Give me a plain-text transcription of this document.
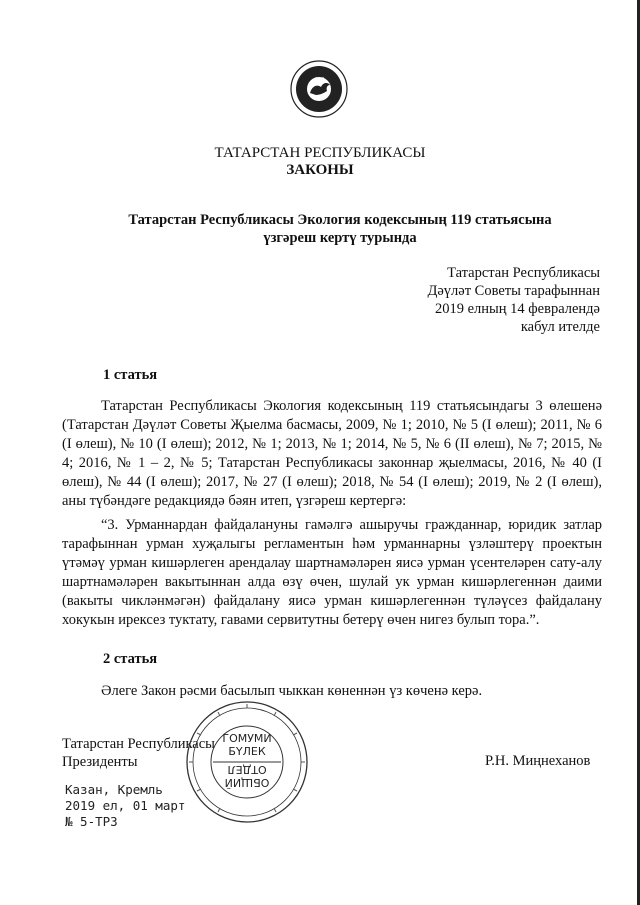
ТАТАРСТАН РЕСПУБЛИКАСЫ
ЗАКОНЫ
Татарстан Республикасы Экология кодексының 119 статьясына
үзгәреш кертү турында
Татарстан Республикасы
Дәүләт Советы тарафыннан
2019 елның 14 февралендә
кабул ителде
1 статья
Татарстан Республикасы Экология кодексының 119 статьясындагы 3 өлешенә (Татарстан Дәүләт Советы Җыелма басмасы, 2009, № 1; 2010, № 5 (I өлеш); 2011, № 6 (I өлеш), № 10 (I өлеш); 2012, № 1; 2013, № 1; 2014, № 5, № 6 (II өлеш), № 7; 2015, № 4; 2016, № 1 – 2, № 5; Татарстан Республикасы законнар җыелмасы, 2016, № 40 (I өлеш), № 44 (I өлеш); 2017, № 27 (I өлеш); 2018, № 54 (I өлеш); 2019, № 2 (I өлеш), аны түбәндәге редакциядә бәян итеп, үзгәреш кертергә:
“3. Урманнардан файдалануны гамәлгә ашыручы гражданнар, юридик затлар тарафыннан урман хуҗалыгы регламентын һәм урманнарны үзләштерү проектын үтәмәү урман кишәрлеген арендалау шартнамәләрен яисә урман үсентеләрен сату-алу шартнамәләрен вакытыннан алда өзү өчен, шулай ук урман кишәрлегеннән даими (вакыты чикләнмәгән) файдалану яисә урман кишәрлегеннән түләүсез файдалану хокукын ирексез туктату, гавами сервитутны бетерү өчен нигез булып тора.”.
2 статья
Әлеге Закон рәсми басылып чыккан көненнән үз көченә керә.
Татарстан Республикасы
Президенты	Р.Н. Миңнеханов
ГОМУМИ
БҮЛЕК
ОТДЕЛ
ОБЩИЙ
Казан, Кремль
2019 ел, 01 март
№ 5-ТРЗ
